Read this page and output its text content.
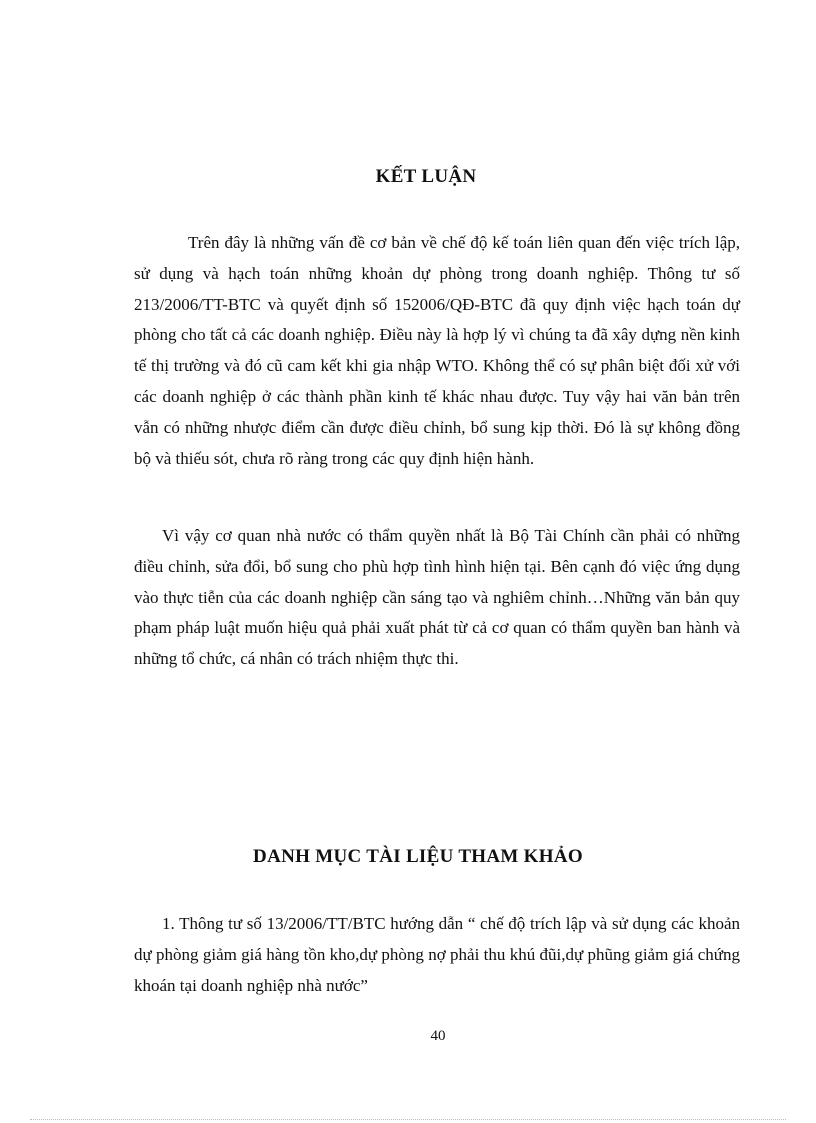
KẾT LUẬN

Trên đây là những vấn đề cơ bản về chế độ kế toán liên quan đến việc trích lập, sử dụng và hạch toán những khoản dự phòng trong doanh nghiệp. Thông tư số 213/2006/TT-BTC và quyết định số 152006/QĐ-BTC đã quy định việc hạch toán dự phòng cho tất cả các doanh nghiệp. Điều này là hợp lý vì chúng ta đã xây dựng nền kinh tế thị trường và đó cũ cam kết khi gia nhập WTO. Không thể có sự phân biệt đối xử với các doanh nghiệp ở các thành phần kinh tế khác nhau được. Tuy vậy hai văn bản trên vẫn có những nhược điểm cần được điều chỉnh, bổ sung kịp thời. Đó là sự không đồng bộ và thiếu sót, chưa rõ ràng trong các quy định hiện hành.

Vì vậy cơ quan nhà nước có thẩm quyền nhất là Bộ Tài Chính cần phải có những điều chỉnh, sửa đổi, bổ sung cho phù hợp tình hình hiện tại. Bên cạnh đó việc ứng dụng vào thực tiễn của các doanh nghiệp cần sáng tạo và nghiêm chỉnh…Những văn bản quy phạm pháp luật muốn hiệu quả phải xuất phát từ cả cơ quan có thẩm quyền ban hành và những tổ chức, cá nhân có trách nhiệm thực thi.

DANH MỤC TÀI LIỆU THAM KHẢO

1. Thông tư số 13/2006/TT/BTC hướng dẫn “ chế độ trích lập và sử dụng các khoản dự phòng giảm giá hàng tồn kho,dự phòng nợ phải thu khú đũi,dự phũng giảm giá chứng khoán tại doanh nghiệp nhà nước”

40
